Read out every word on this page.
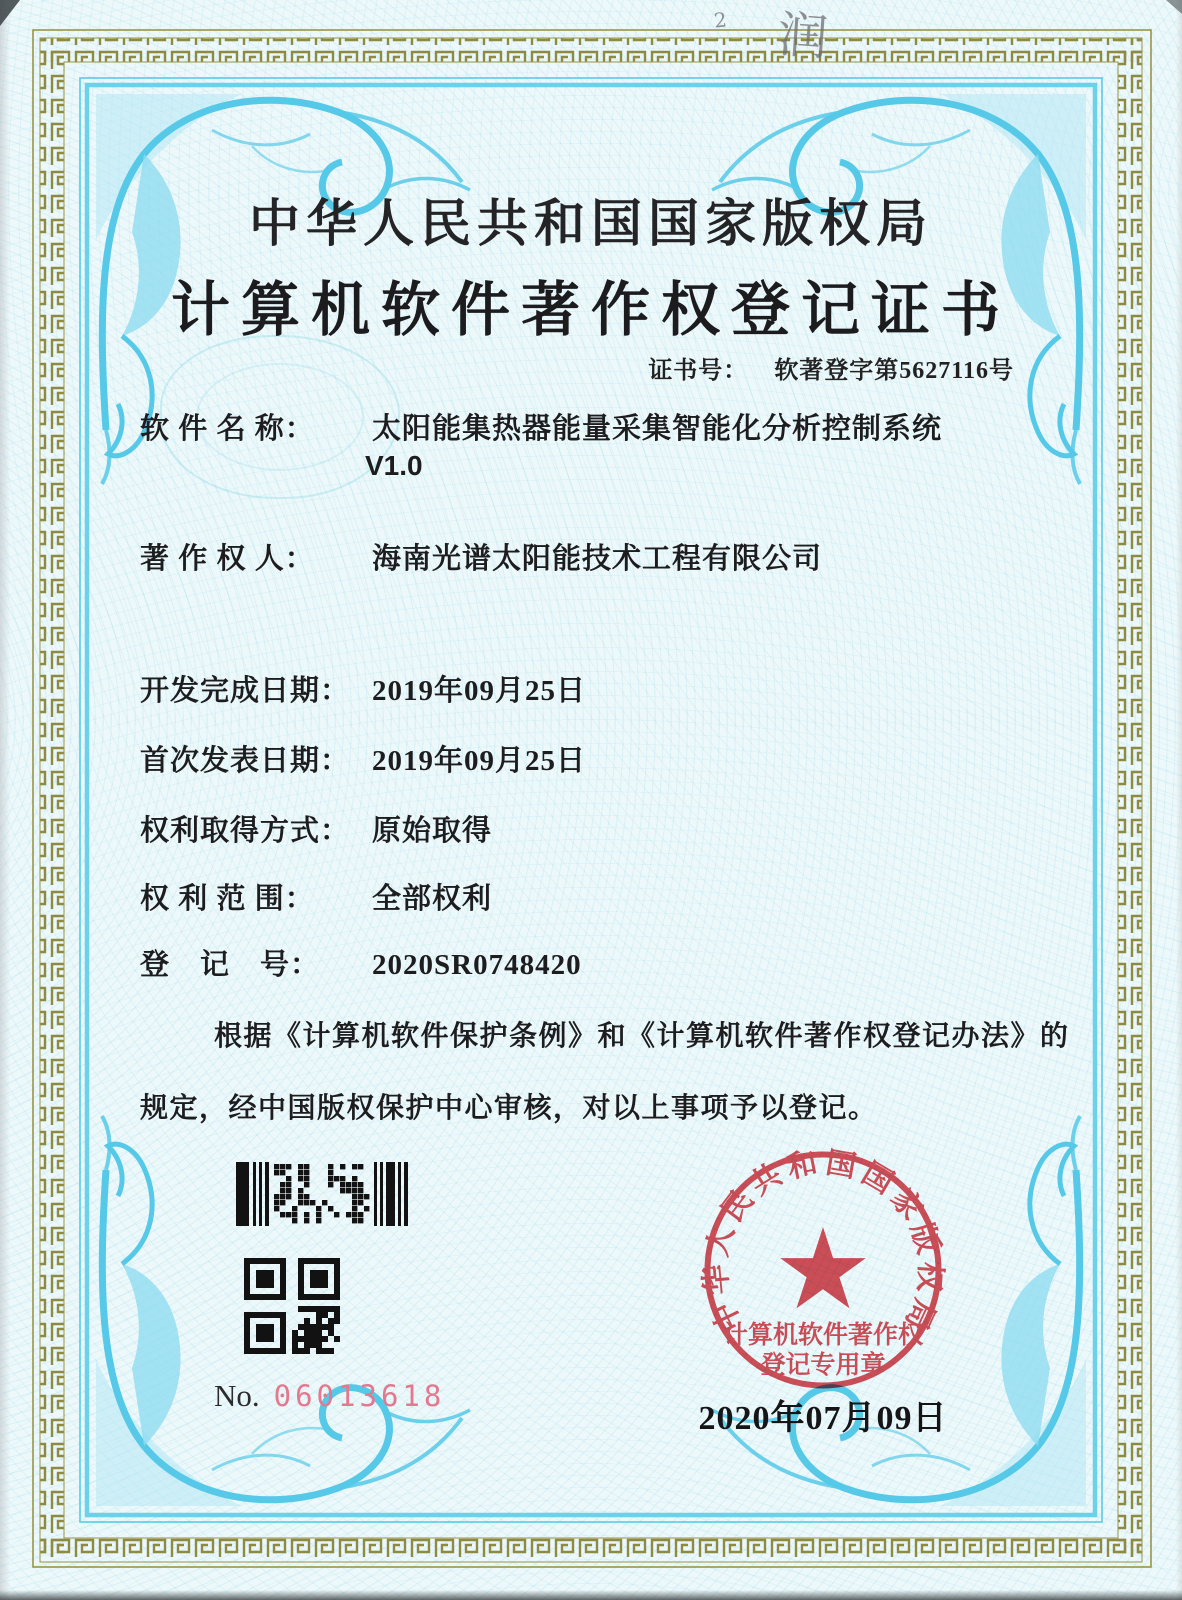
2 润
中华人民共和国国家版权局
计算机软件著作权登记证书
证书号： 软著登字第5627116号
软 件 名 称： 太阳能集热器能量采集智能化分析控制系统
V1.0
著 作 权 人： 海南光谱太阳能技术工程有限公司
开发完成日期： 2019年09月25日
首次发表日期： 2019年09月25日
权利取得方式： 原始取得
权 利 范 围： 全部权利
登　记　号： 2020SR0748420
根据《计算机软件保护条例》和《计算机软件著作权登记办法》的
规定，经中国版权保护中心审核，对以上事项予以登记。
No. 06013618
中华人民共和国国家版权局
计算机软件著作权
登记专用章
2020年07月09日
